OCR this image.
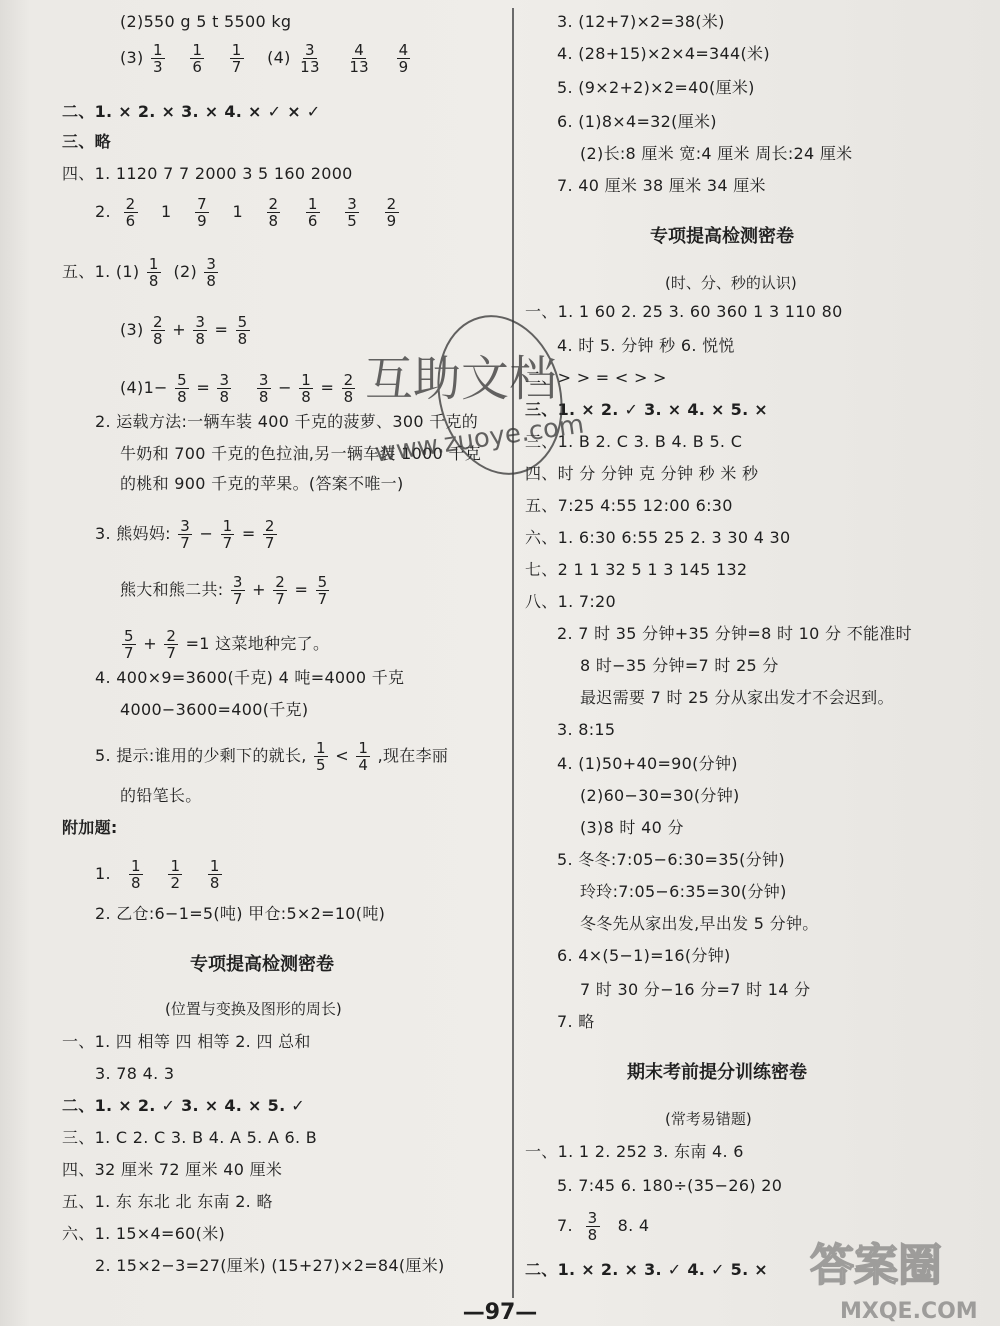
(2)550 g 5 t 5500 kg
$(3) \frac{1}{3}$
$\frac{1}{6}$
$\frac{1}{7} (4) \frac{3}{13}$
$\frac{4}{13}$
$\frac{4}{9}$
二、1. × 2. × 3. × 4. × ✓ × ✓
三、略
四、1. 1120 7 7 2000 3 5 160 2000
2. $\frac{2}{6} 1 \frac{7}{9} 1 \frac{2}{8}$
$\frac{1}{6}$
$\frac{3}{5}$
$\frac{2}{9}$
五、1. $(1) \frac{1}{8} (2) \frac{3}{8}$
$(3) \frac{2}{8} + \frac{3}{8} = \frac{5}{8}$
$(4)1- \frac{5}{8} = \frac{3}{8}$
$\frac{3}{8} - \frac{1}{8} = \frac{2}{8}$
2. 运载方法:一辆车装 400 千克的菠萝、300 千克的
牛奶和 700 千克的色拉油,另一辆车装 1000 千克
的桃和 900 千克的苹果。(答案不唯一)
3. 熊妈妈: $\frac{3}{7} - \frac{1}{7} = \frac{2}{7}$
熊大和熊二共: $\frac{3}{7} + \frac{2}{7} = \frac{5}{7}$
$\frac{5}{7} + \frac{2}{7} =1$ 这菜地种完了。
4. 400×9=3600(千克) 4 吨=4000 千克
4000−3600=400(千克)
5. 提示:谁用的少剩下的就长, $\frac{1}{5} < \frac{1}{4}$ ,现在李丽
的铅笔长。
附加题:
1. $\frac{1}{8}$
$\frac{1}{2}$
$\frac{1}{8}$
2. 乙仓:6−1=5(吨) 甲仓:5×2=10(吨)
专项提高检测密卷
(位置与变换及图形的周长)
一、1. 四 相等 四 相等 2. 四 总和
3. 78 4. 3
二、1. × 2. ✓ 3. × 4. × 5. ✓
三、1. C 2. C 3. B 4. A 5. A 6. B
四、32 厘米 72 厘米 40 厘米
五、1. 东 东北 北 东南 2. 略
六、1. 15×4=60(米)
2. 15×2−3=27(厘米) (15+27)×2=84(厘米)
3. (12+7)×2=38(米)
4. (28+15)×2×4=344(米)
5. (9×2+2)×2=40(厘米)
6. (1)8×4=32(厘米)
(2)长:8 厘米 宽:4 厘米 周长:24 厘米
7. 40 厘米 38 厘米 34 厘米
专项提高检测密卷
(时、分、秒的认识)
一、1. 1 60 2. 25 3. 60 360 1 3 110 80
4. 时 5. 分钟 秒 6. 悦悦
二、> > = < > >
三、1. × 2. ✓ 3. × 4. × 5. ×
三、1. B 2. C 3. B 4. B 5. C
四、时 分 分钟 克 分钟 秒 米 秒
五、7:25 4:55 12:00 6:30
六、1. 6:30 6:55 25 2. 3 30 4 30
七、2 1 1 32 5 1 3 145 132
八、1. 7:20
2. 7 时 35 分钟+35 分钟=8 时 10 分 不能准时
8 时−35 分钟=7 时 25 分
最迟需要 7 时 25 分从家出发才不会迟到。
3. 8:15
4. (1)50+40=90(分钟)
(2)60−30=30(分钟)
(3)8 时 40 分
5. 冬冬:7:05−6:30=35(分钟)
玲玲:7:05−6:35=30(分钟)
冬冬先从家出发,早出发 5 分钟。
6. 4×(5−1)=16(分钟)
7 时 30 分−16 分=7 时 14 分
7. 略
期末考前提分训练密卷
(常考易错题)
一、1. 1 2. 252 3. 东南 4. 6
5. 7:45 6. 180÷(35−26) 20
7. $\frac{3}{8} 8$. 4
二、1. × 2. × 3. ✓ 4. ✓ 5. ×
互助文档
www.zuoye.com
答案圈
MXQE.COM
—97—
